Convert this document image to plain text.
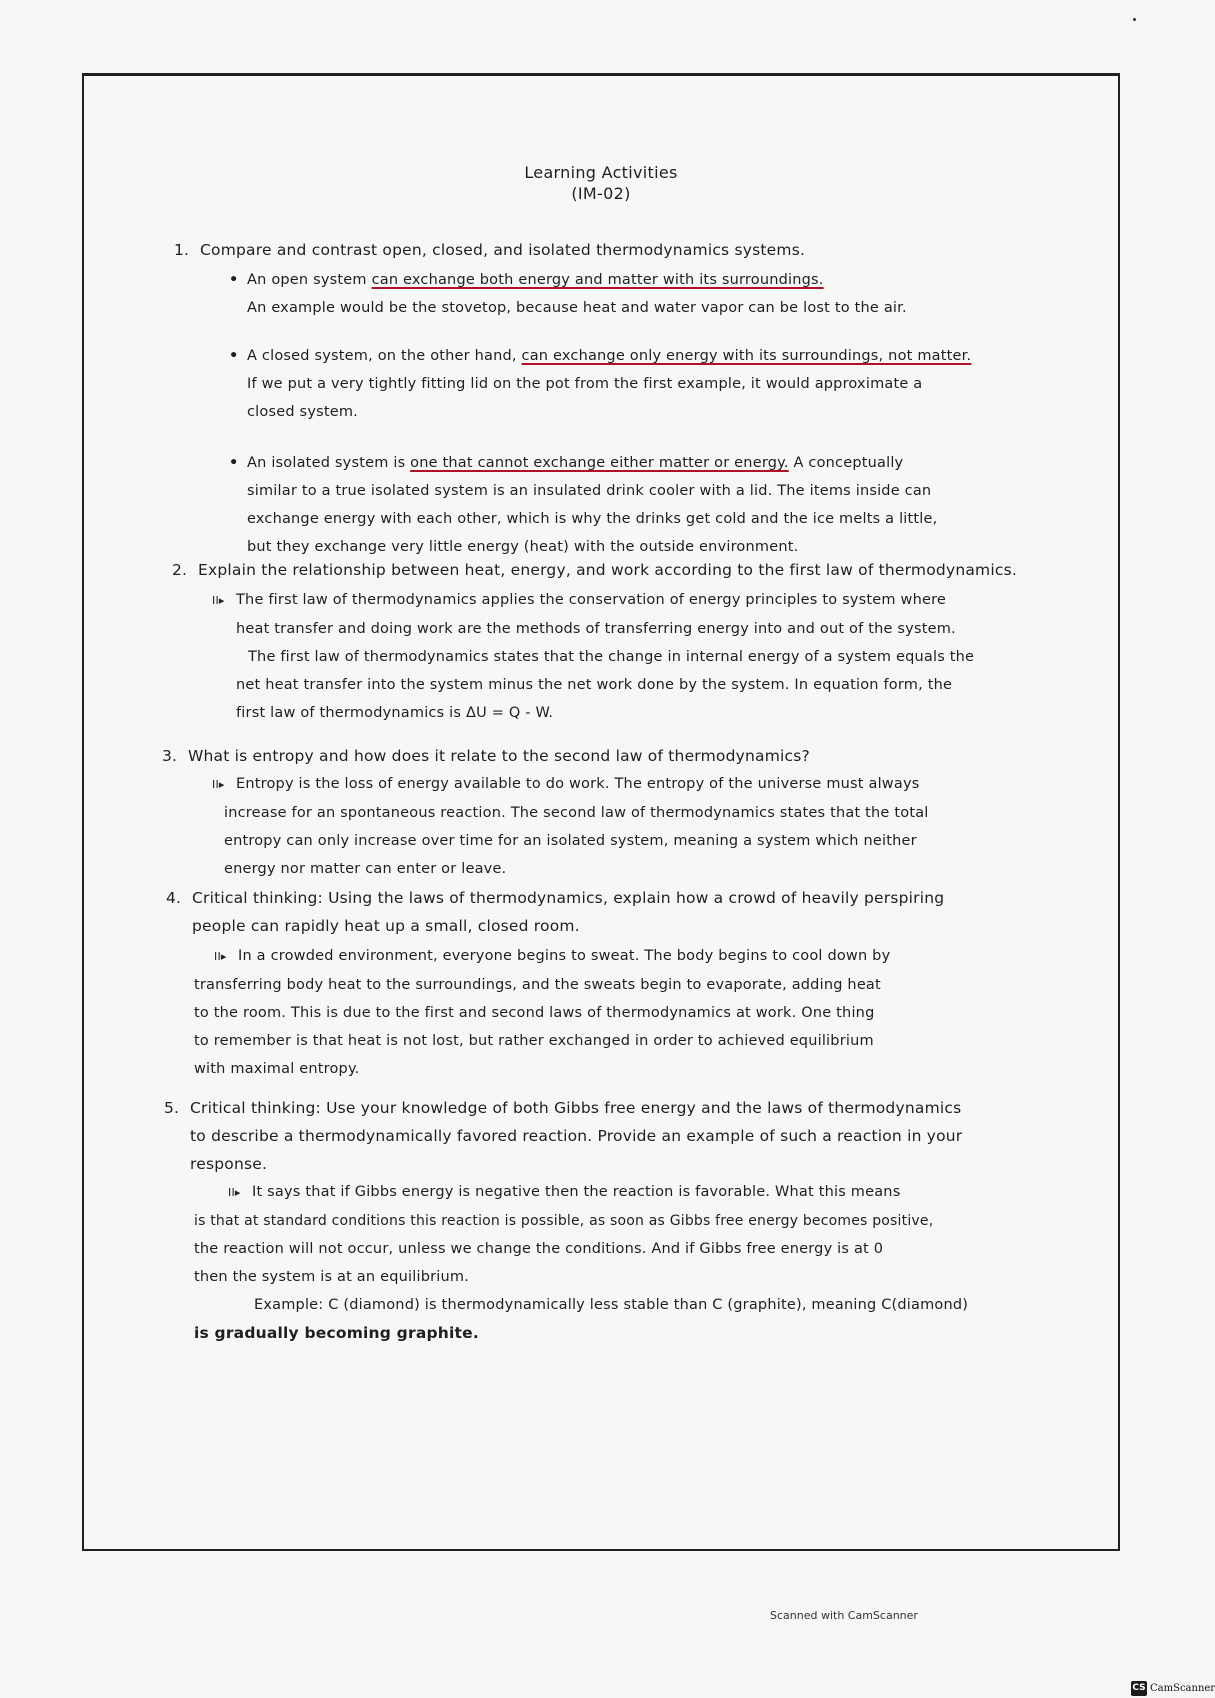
Learning Activities
(IM-02)
1. Compare and contrast open, closed, and isolated thermodynamics systems.
• An open system can exchange both energy and matter with its surroundings.
An example would be the stovetop, because heat and water vapor can be lost to the air.
• A closed system, on the other hand, can exchange only energy with its surroundings, not matter.
If we put a very tightly fitting lid on the pot from the first example, it would approximate a
closed system.
• An isolated system is one that cannot exchange either matter or energy. A conceptually
similar to a true isolated system is an insulated drink cooler with a lid. The items inside can
exchange energy with each other, which is why the drinks get cold and the ice melts a little,
but they exchange very little energy (heat) with the outside environment.
2. Explain the relationship between heat, energy, and work according to the first law of thermodynamics.
II▸ The first law of thermodynamics applies the conservation of energy principles to system where
heat transfer and doing work are the methods of transferring energy into and out of the system.
The first law of thermodynamics states that the change in internal energy of a system equals the
net heat transfer into the system minus the net work done by the system. In equation form, the
first law of thermodynamics is ΔU = Q - W.
3. What is entropy and how does it relate to the second law of thermodynamics?
II▸ Entropy is the loss of energy available to do work. The entropy of the universe must always
increase for an spontaneous reaction. The second law of thermodynamics states that the total
entropy can only increase over time for an isolated system, meaning a system which neither
energy nor matter can enter or leave.
4. Critical thinking: Using the laws of thermodynamics, explain how a crowd of heavily perspiring
people can rapidly heat up a small, closed room.
II▸ In a crowded environment, everyone begins to sweat. The body begins to cool down by
transferring body heat to the surroundings, and the sweats begin to evaporate, adding heat
to the room. This is due to the first and second laws of thermodynamics at work. One thing
to remember is that heat is not lost, but rather exchanged in order to achieved equilibrium
with maximal entropy.
5. Critical thinking: Use your knowledge of both Gibbs free energy and the laws of thermodynamics
to describe a thermodynamically favored reaction. Provide an example of such a reaction in your
response.
II▸ It says that if Gibbs energy is negative then the reaction is favorable. What this means
is that at standard conditions this reaction is possible, as soon as Gibbs free energy becomes positive,
the reaction will not occur, unless we change the conditions. And if Gibbs free energy is at 0
then the system is at an equilibrium.
Example: C (diamond) is thermodynamically less stable than C (graphite), meaning C(diamond)
is gradually becoming graphite.
Scanned with CamScanner
CS CamScanner
